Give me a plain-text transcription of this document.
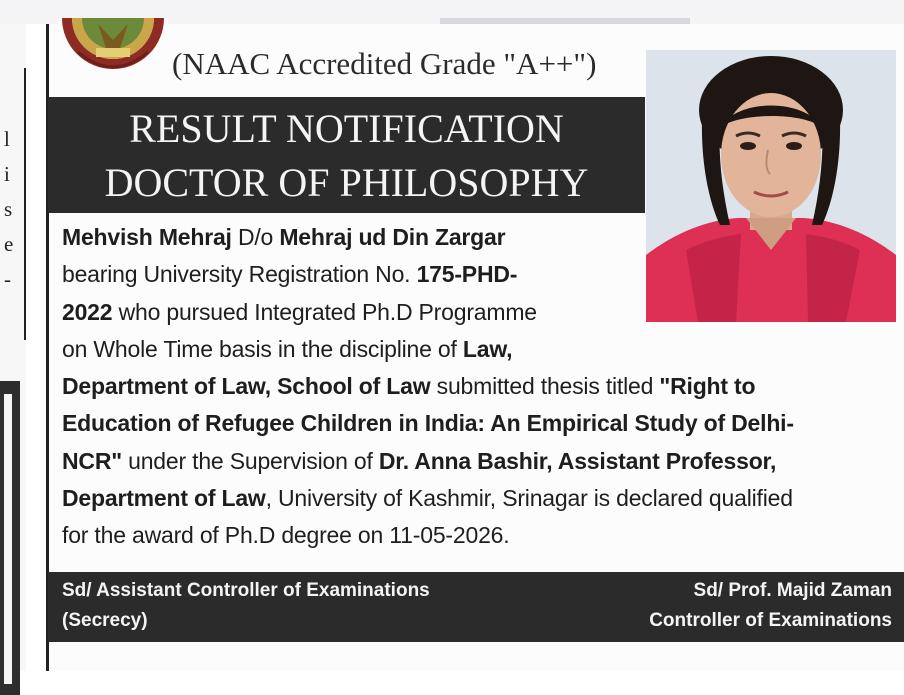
l
i
s
e
-
(NAAC Accredited Grade "A++")
RESULT NOTIFICATION
DOCTOR OF PHILOSOPHY

Mehvish Mehraj D/o Mehraj ud Din Zargar
bearing University Registration No. 175-PHD-
2022 who pursued Integrated Ph.D Programme
on Whole Time basis in the discipline of Law,
Department of Law, School of Law submitted thesis titled "Right to
Education of Refugee Children in India: An Empirical Study of Delhi-
NCR" under the Supervision of Dr. Anna Bashir, Assistant Professor,
Department of Law, University of Kashmir, Srinagar is declared qualified
for the award of Ph.D degree on 11-05-2026.

Sd/ Assistant Controller of Examinations
(Secrecy)
Sd/ Prof. Majid Zaman
Controller of Examinations
